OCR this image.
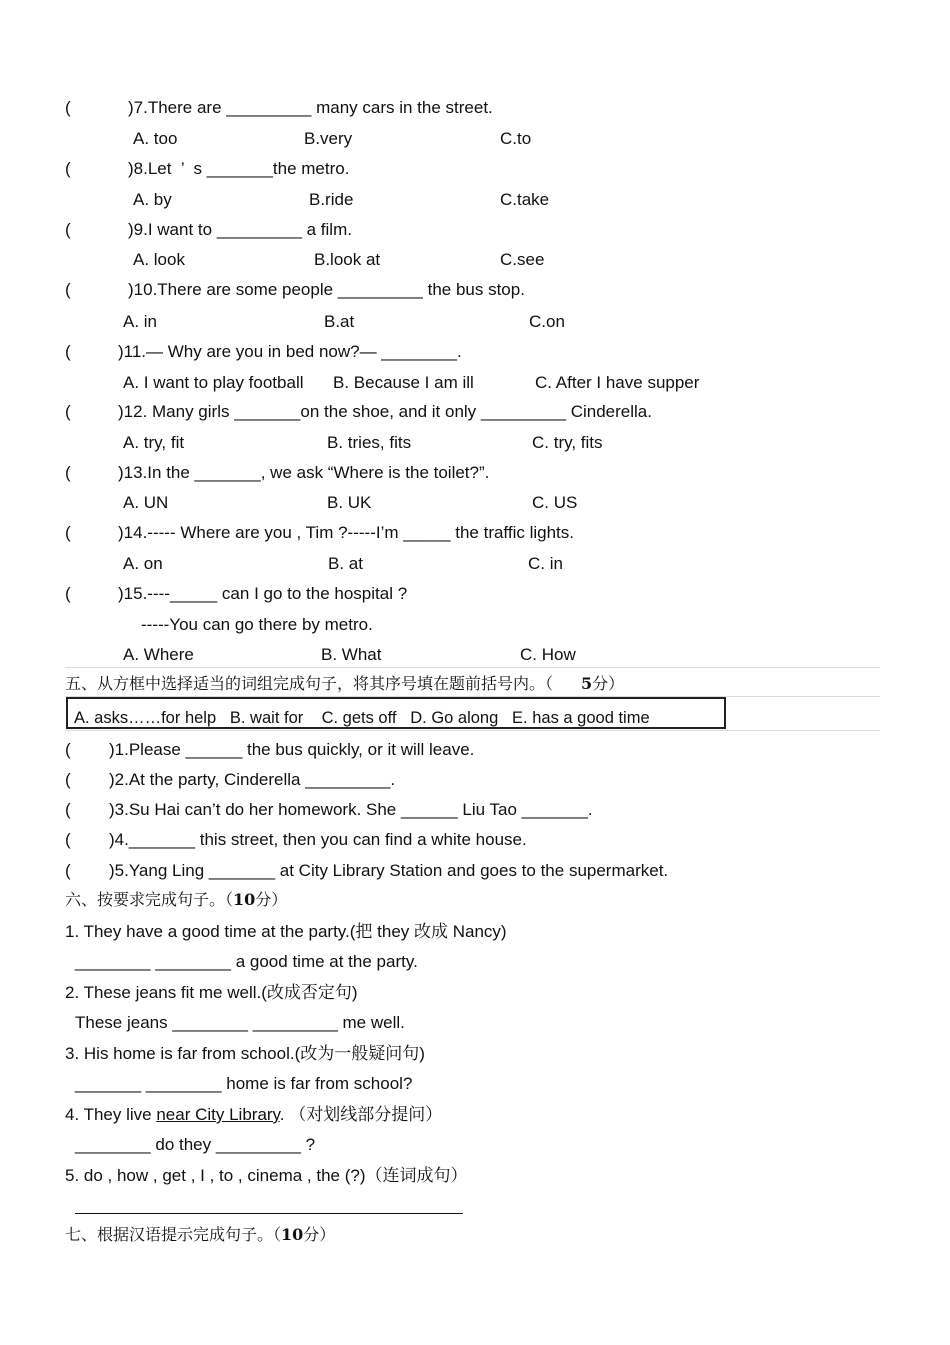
(	)7.There are _________ many cars in the street.
A. too	B.very	C.to
(	)8.Let  ’  s _______the metro.
A. by	B.ride	C.take
(	)9.I want to _________ a film.
A. look	B.look at	C.see
(	)10.There are some people _________ the bus stop.
A. in	B.at	C.on
(	)11.— Why are you in bed now?— ________.
A. I want to play football B. Because I am ill	C. After I have supper
(	)12. Many girls _______on the shoe, and it only _________ Cinderella.
A. try, fit	B. tries, fits	C. try, fits
(	)13.In the _______, we ask “Where is the toilet?”.
A. UN	B. UK	C. US
(	)14.----- Where are you , Tim ?-----I’m _____ the traffic lights.
A. on	B. at	C. in
(	)15.----_____ can I go to the hospital ?
-----You can go there by metro.
A. Where	B. What	C. How
五、从方框中选择适当的词组完成句子，将其序号填在题前括号内。（ 5分）
A. asks……for help   B. wait for    C. gets off   D. Go along   E. has a good time
( )1.Please ______ the bus quickly, or it will leave.
( )2.At the party, Cinderella _________.
( )3.Su Hai can’t do her homework. She ______ Liu Tao _______.
( )4._______ this street, then you can find a white house.
( )5.Yang Ling _______ at City Library Station and goes to the supermarket.
六、按要求完成句子。（10分）
1. They have a good time at the party.(把 they 改成 Nancy)
________ ________ a good time at the party.
2. These jeans fit me well.(改成否定句)
These jeans ________ _________ me well.
3. His home is far from school.(改为一般疑问句)
_______ ________ home is far from school?
4. They live near City Library. （对划线部分提问）
________ do they _________ ?
5. do , how , get , I , to , cinema , the (?)（连词成句）
七、根据汉语提示完成句子。（10分）
